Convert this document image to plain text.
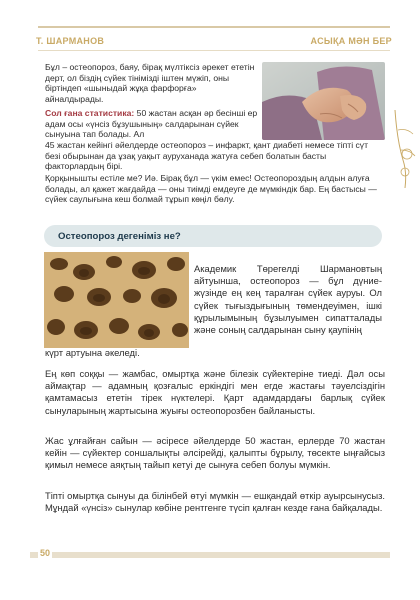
Т. ШАРМАНОВ	АСЫҚА МӘН БЕР
Бұл – остеопороз, баяу, бірақ мүлтіксіз әрекет ететін дерт, ол біздің сүйек тінімізді іштен мүжіп, оны біртіндеп «шыныдай жұқа фарфорға» айналдырады.
Сол ғана статистика: 50 жастан асқан әр бесінші ер адам осы «үнсіз бұзушының» салдарынан сүйек сынуына тап болады. Ал
45 жастан кейінгі әйелдерде остеопороз – инфаркт, қант диабеті немесе тіпті сүт безі обырынан да ұзақ уақыт ауруханада жатуға себеп болатын басты факторлардың бірі.
Қорқынышты естіле ме? Иә. Бірақ бұл — үкім емес! Остеопороздың алдын алуға болады, ал қажет жағдайда — оны тиімді емдеуге де мүмкіндік бар. Ең бастысы — сүйек саулығына кеш болмай тұрып көңіл бөлу.
Остеопороз дегеніміз не?
Академик Төрегелді Шармановтың айтуынша, остеопороз — бұл дүние-жүзінде ең кең таралған сүйек ауруы. Ол сүйек тығыздығының төмендеуімен, ішкі құрылымының бұзылуымен сипатталады және соның салдарынан сыну қаупінің
күрт артуына әкеледі.
Ең көп соққы — жамбас, омыртқа және білезік сүйектеріне тиеді. Дәл осы аймақтар — адамның қозғалыс еркіндігі мен егде жастағы тәуелсіздігін қамтамасыз ететін тірек нүктелері. Қарт адамдардағы барлық сүйек сынуларының жартысына жуығы остеопорозбен байланысты.
Жас ұлғайған сайын — әсіресе әйелдерде 50 жастан, ерлерде 70 жастан кейін — сүйектер соншалықты әлсірейді, қалыпты бұрылу, төсекте ыңғайсыз қимыл немесе аяқтың тайып кетуі де сынуға себеп болуы мүмкін.
Тіпті омыртқа сынуы да білінбей өтуі мүмкін — ешқандай өткір ауырсынусыз. Мұндай «үнсіз» сынулар көбіне рентгенге түсіп қалған кезде ғана байқалады.
50
